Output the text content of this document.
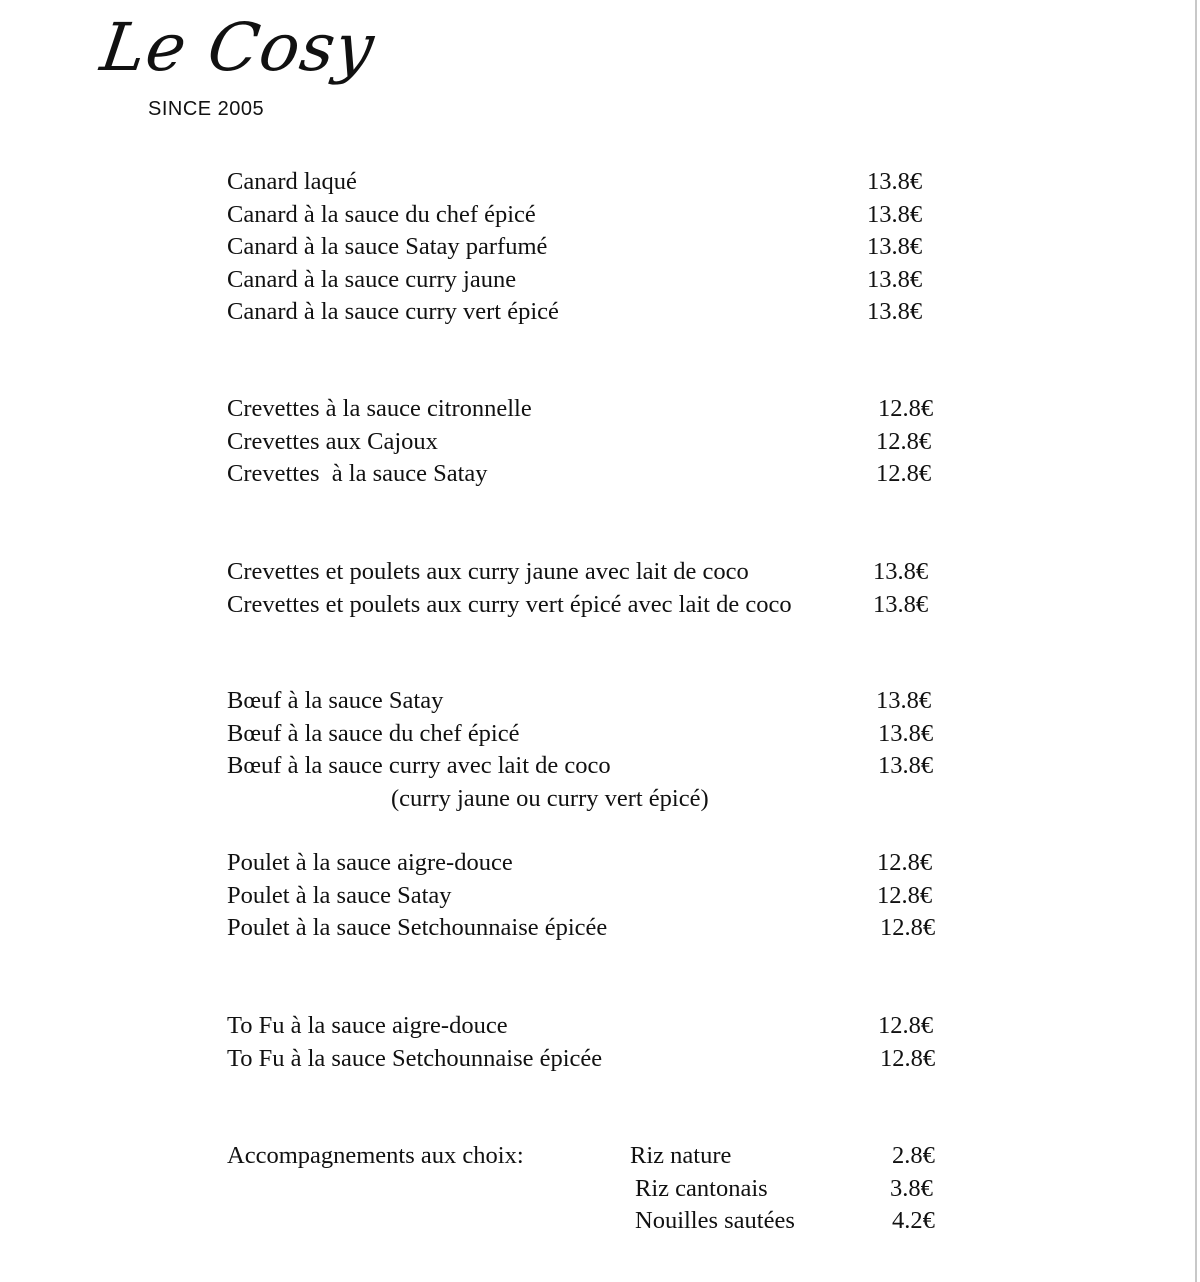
Le Cosy
SINCE 2005
Canard laqué	13.8€
Canard à la sauce du chef épicé	13.8€
Canard à la sauce Satay parfumé	13.8€
Canard à la sauce curry jaune	13.8€
Canard à la sauce curry vert épicé	13.8€
Crevettes à la sauce citronnelle	12.8€
Crevettes aux Cajoux	12.8€
Crevettes  à la sauce Satay	12.8€
Crevettes et poulets aux curry jaune avec lait de coco	13.8€
Crevettes et poulets aux curry vert épicé avec lait de coco	13.8€
Bœuf à la sauce Satay	13.8€
Bœuf à la sauce du chef épicé	13.8€
Bœuf à la sauce curry avec lait de coco	13.8€
(curry jaune ou curry vert épicé)
Poulet à la sauce aigre-douce	12.8€
Poulet à la sauce Satay	12.8€
Poulet à la sauce Setchounnaise épicée	12.8€
To Fu à la sauce aigre-douce	12.8€
To Fu à la sauce Setchounnaise épicée	12.8€
Accompagnements aux choix:	Riz nature	2.8€
Riz cantonais	3.8€
Nouilles sautées	4.2€
